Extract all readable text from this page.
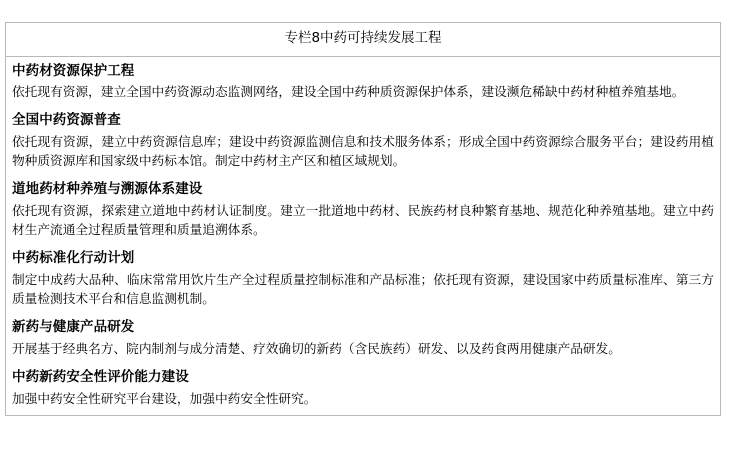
专栏8中药可持续发展工程
中药材资源保护工程
依托现有资源，建立全国中药资源动态监测网络，建设全国中药种质资源保护体系，建设濒危稀缺中药材种植养殖基地。
全国中药资源普查
依托现有资源，建立中药资源信息库；建设中药资源监测信息和技术服务体系；形成全国中药资源综合服务平台；建设药用植物种质资源库和国家级中药标本馆。制定中药材主产区和植区域规划。
道地药材种养殖与溯源体系建设
依托现有资源，探索建立道地中药材认证制度。建立一批道地中药材、民族药材良种繁育基地、规范化种养殖基地。建立中药材生产流通全过程质量管理和质量追溯体系。
中药标准化行动计划
制定中成药大品种、临床常常用饮片生产全过程质量控制标准和产品标准；依托现有资源，建设国家中药质量标准库、第三方质量检测技术平台和信息监测机制。
新药与健康产品研发
开展基于经典名方、院内制剂与成分清楚、疗效确切的新药（含民族药）研发、以及药食两用健康产品研发。
中药新药安全性评价能力建设
加强中药安全性研究平台建设，加强中药安全性研究。
